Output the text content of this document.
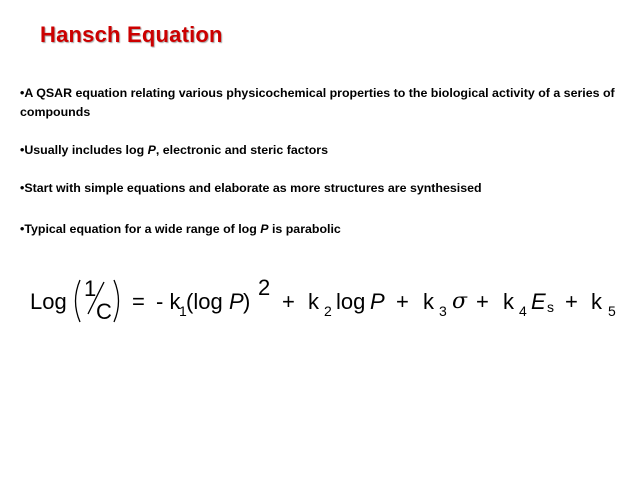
Hansch Equation
•A QSAR equation relating various physicochemical properties to the biological activity of a series of compounds
•Usually includes log P, electronic and steric factors
•Start with simple equations and elaborate as more structures are synthesised
•Typical equation for a wide range of log P is parabolic
Log
1
C = - k
1 (log P )
2
+ k 2 log P + k 3 σ + k 4 E s + k 5
